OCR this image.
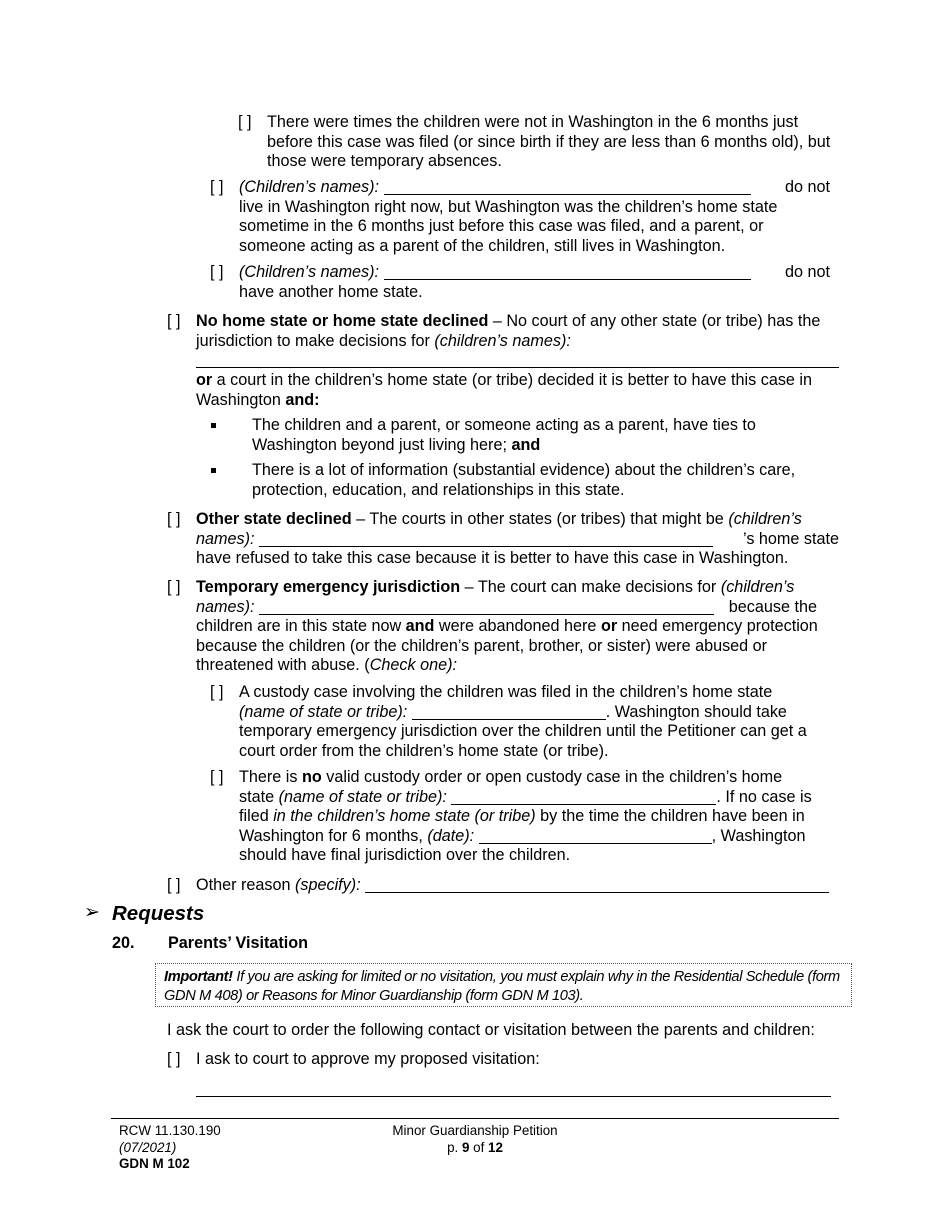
[ ] There were times the children were not in Washington in the 6 months just before this case was filed (or since birth if they are less than 6 months old), but those were temporary absences.
[ ] (Children’s names):	do not
live in Washington right now, but Washington was the children’s home state sometime in the 6 months just before this case was filed, and a parent, or someone acting as a parent of the children, still lives in Washington.
[ ] (Children’s names):	do not
have another home state.
[ ] No home state or home state declined – No court of any other state (or tribe) has the jurisdiction to make decisions for (children’s names):
or a court in the children’s home state (or tribe) decided it is better to have this case in Washington and:
The children and a parent, or someone acting as a parent, have ties to Washington beyond just living here; and
There is a lot of information (substantial evidence) about the children’s care, protection, education, and relationships in this state.
[ ] Other state declined – The courts in other states (or tribes) that might be (children’s
names):	’s home state
have refused to take this case because it is better to have this case in Washington.
[ ] Temporary emergency jurisdiction – The court can make decisions for (children’s
names):	because the
children are in this state now and were abandoned here or need emergency protection because the children (or the children’s parent, brother, or sister) were abused or threatened with abuse. (Check one):
[ ] A custody case involving the children was filed in the children’s home state
(name of state or tribe):	. Washington should take temporary emergency jurisdiction over the children until the Petitioner can get a court order from the children’s home state (or tribe).
[ ] There is no valid custody order or open custody case in the children’s home
state (name of state or tribe):	. If no case is
filed in the children’s home state (or tribe) by the time the children have been in
Washington for 6 months, (date):	, Washington
should have final jurisdiction over the children.
[ ] Other reason (specify):
➢ Requests
20. Parents’ Visitation
Important! If you are asking for limited or no visitation, you must explain why in the Residential Schedule (form GDN M 408) or Reasons for Minor Guardianship (form GDN M 103).
I ask the court to order the following contact or visitation between the parents and children:
[ ] I ask to court to approve my proposed visitation:
RCW 11.130.190
(07/2021)
GDN M 102
Minor Guardianship Petition
p. 9 of 12
